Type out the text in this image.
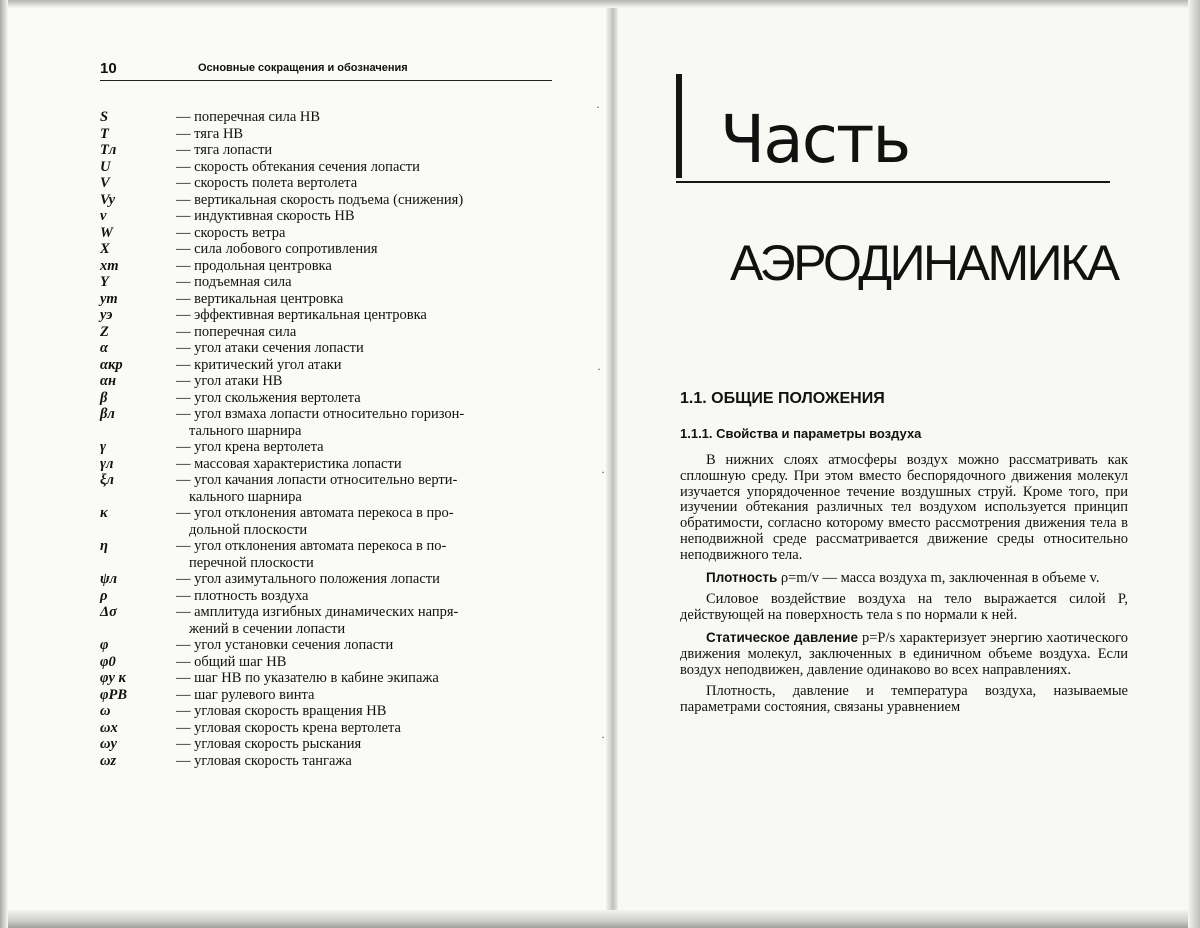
10	Основные сокращения и обозначения
S	— поперечная сила НВ
T	— тяга НВ
Tл	— тяга лопасти
U	— скорость обтекания сечения лопасти
V	— скорость полета вертолета
Vy	— вертикальная скорость подъема (снижения)
v	— индуктивная скорость НВ
W	— скорость ветра
X	— сила лобового сопротивления
xт	— продольная центровка
Y	— подъемная сила
yт	— вертикальная центровка
yэ	— эффективная вертикальная центровка
Z	— поперечная сила
α	— угол атаки сечения лопасти
αкр	— критический угол атаки
αн	— угол атаки НВ
β	— угол скольжения вертолета
βл	— угол взмаха лопасти относительно горизон-
тального шарнира
γ	— угол крена вертолета
γл	— массовая характеристика лопасти
ξл	— угол качания лопасти относительно верти-
кального шарнира
κ	— угол отклонения автомата перекоса в про-
дольной плоскости
η	— угол отклонения автомата перекоса в по-
перечной плоскости
ψл	— угол азимутального положения лопасти
ρ	— плотность воздуха
Δσ	— амплитуда изгибных динамических напря-
жений в сечении лопасти
φ	— угол установки сечения лопасти
φ0	— общий шаг НВ
φу к	— шаг НВ по указателю в кабине экипажа
φРВ	— шаг рулевого винта
ω	— угловая скорость вращения НВ
ωx	— угловая скорость крена вертолета
ωy	— угловая скорость рыскания
ωz	— угловая скорость тангажа
Часть
АЭРОДИНАМИКА
1.1. ОБЩИЕ ПОЛОЖЕНИЯ
1.1.1. Свойства и параметры воздуха

В нижних слоях атмосферы воздух можно рассматривать как сплошную среду. При этом вместо беспорядочного движения молекул изучается упорядоченное течение воздушных струй. Кроме того, при изучении обтекания различных тел воздухом используется принцип обратимости, согласно которому вместо рассмотрения движения тела в неподвижной среде рассматривается движение среды относительно неподвижного тела.

Плотность ρ=m/v — масса воздуха m, заключенная в объеме v.

Силовое воздействие воздуха на тело выражается силой P, действующей на поверхность тела s по нормали к ней.

Статическое давление p=P/s характеризует энергию хаотического движения молекул, заключенных в единичном объеме воздуха. Если воздух неподвижен, давление одинаково во всех направлениях.

Плотность, давление и температура воздуха, называемые параметрами состояния, связаны уравнением

·
·
·
·
